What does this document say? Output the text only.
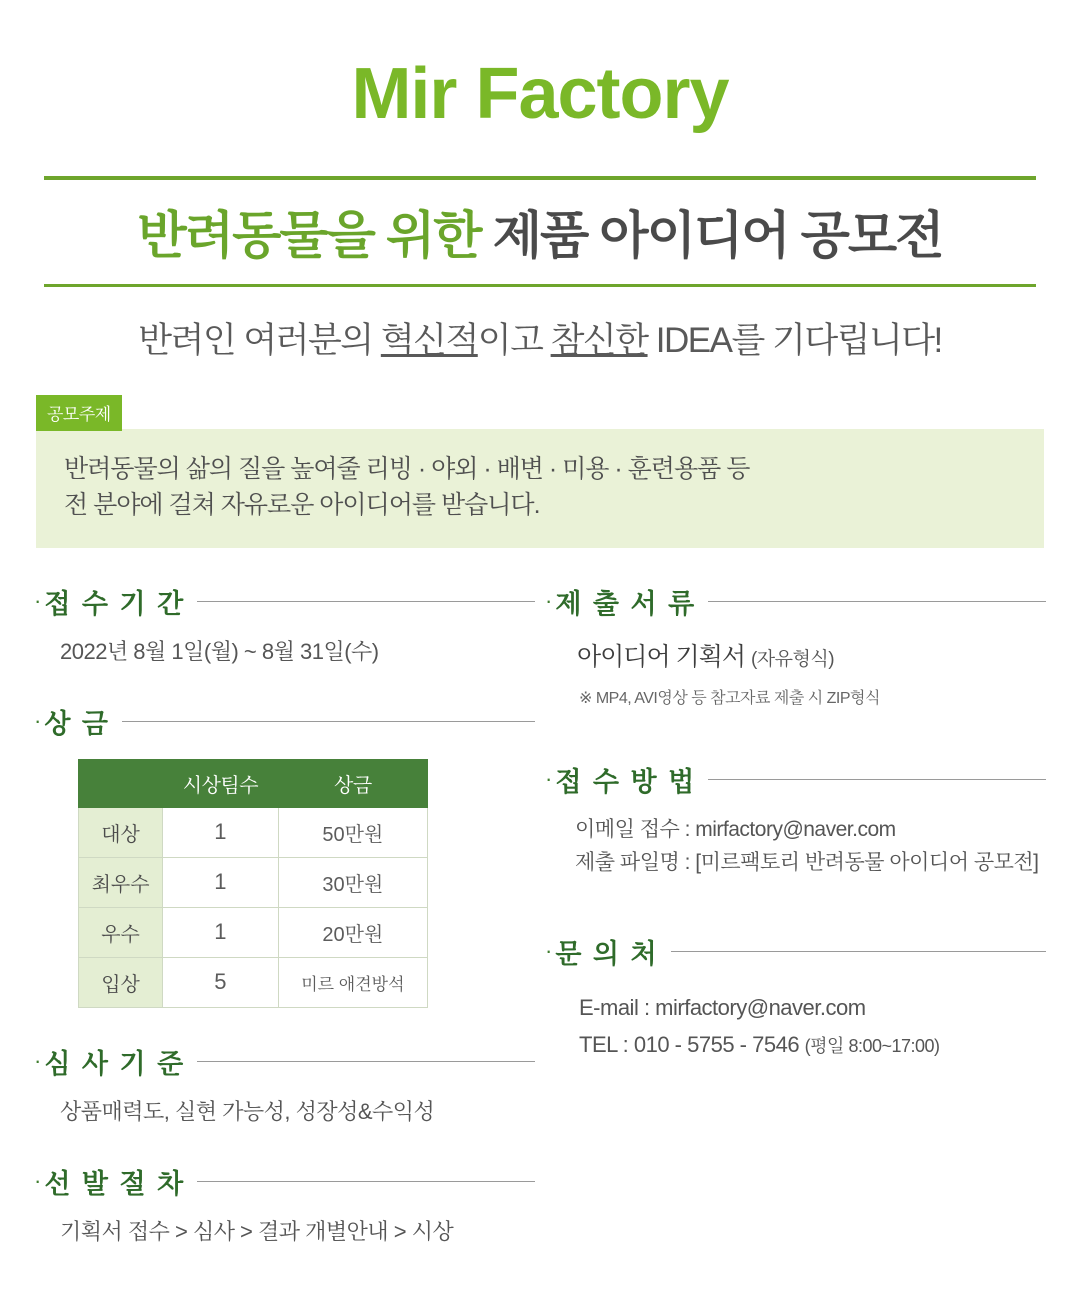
Mir Factory
반려동물을 위한 제품 아이디어 공모전
반려인 여러분의 혁신적이고 참신한 IDEA를 기다립니다!
공모주제
반려동물의 삶의 질을 높여줄 리빙 · 야외 · 배변 · 미용 · 훈련용품 등
전 분야에 걸쳐 자유로운 아이디어를 받습니다.
· 접 수 기 간
2022년 8월 1일(월) ~ 8월 31일(수)
· 상 금
	시상팀수	상금
대상	1	50만원
최우수	1	30만원
우수	1	20만원
입상	5	미르 애견방석
· 심 사 기 준
상품매력도, 실현 가능성, 성장성&수익성
· 선 발 절 차
기획서 접수 > 심사 > 결과 개별안내 > 시상
· 제 출 서 류
아이디어 기획서 (자유형식)
※ MP4, AVI영상 등 참고자료 제출 시 ZIP형식
· 접 수 방 법
이메일 접수 : mirfactory@naver.com
제출 파일명 : [미르팩토리 반려동물 아이디어 공모전]
· 문 의 처
E-mail : mirfactory@naver.com
TEL : 010 - 5755 - 7546 (평일 8:00~17:00)
